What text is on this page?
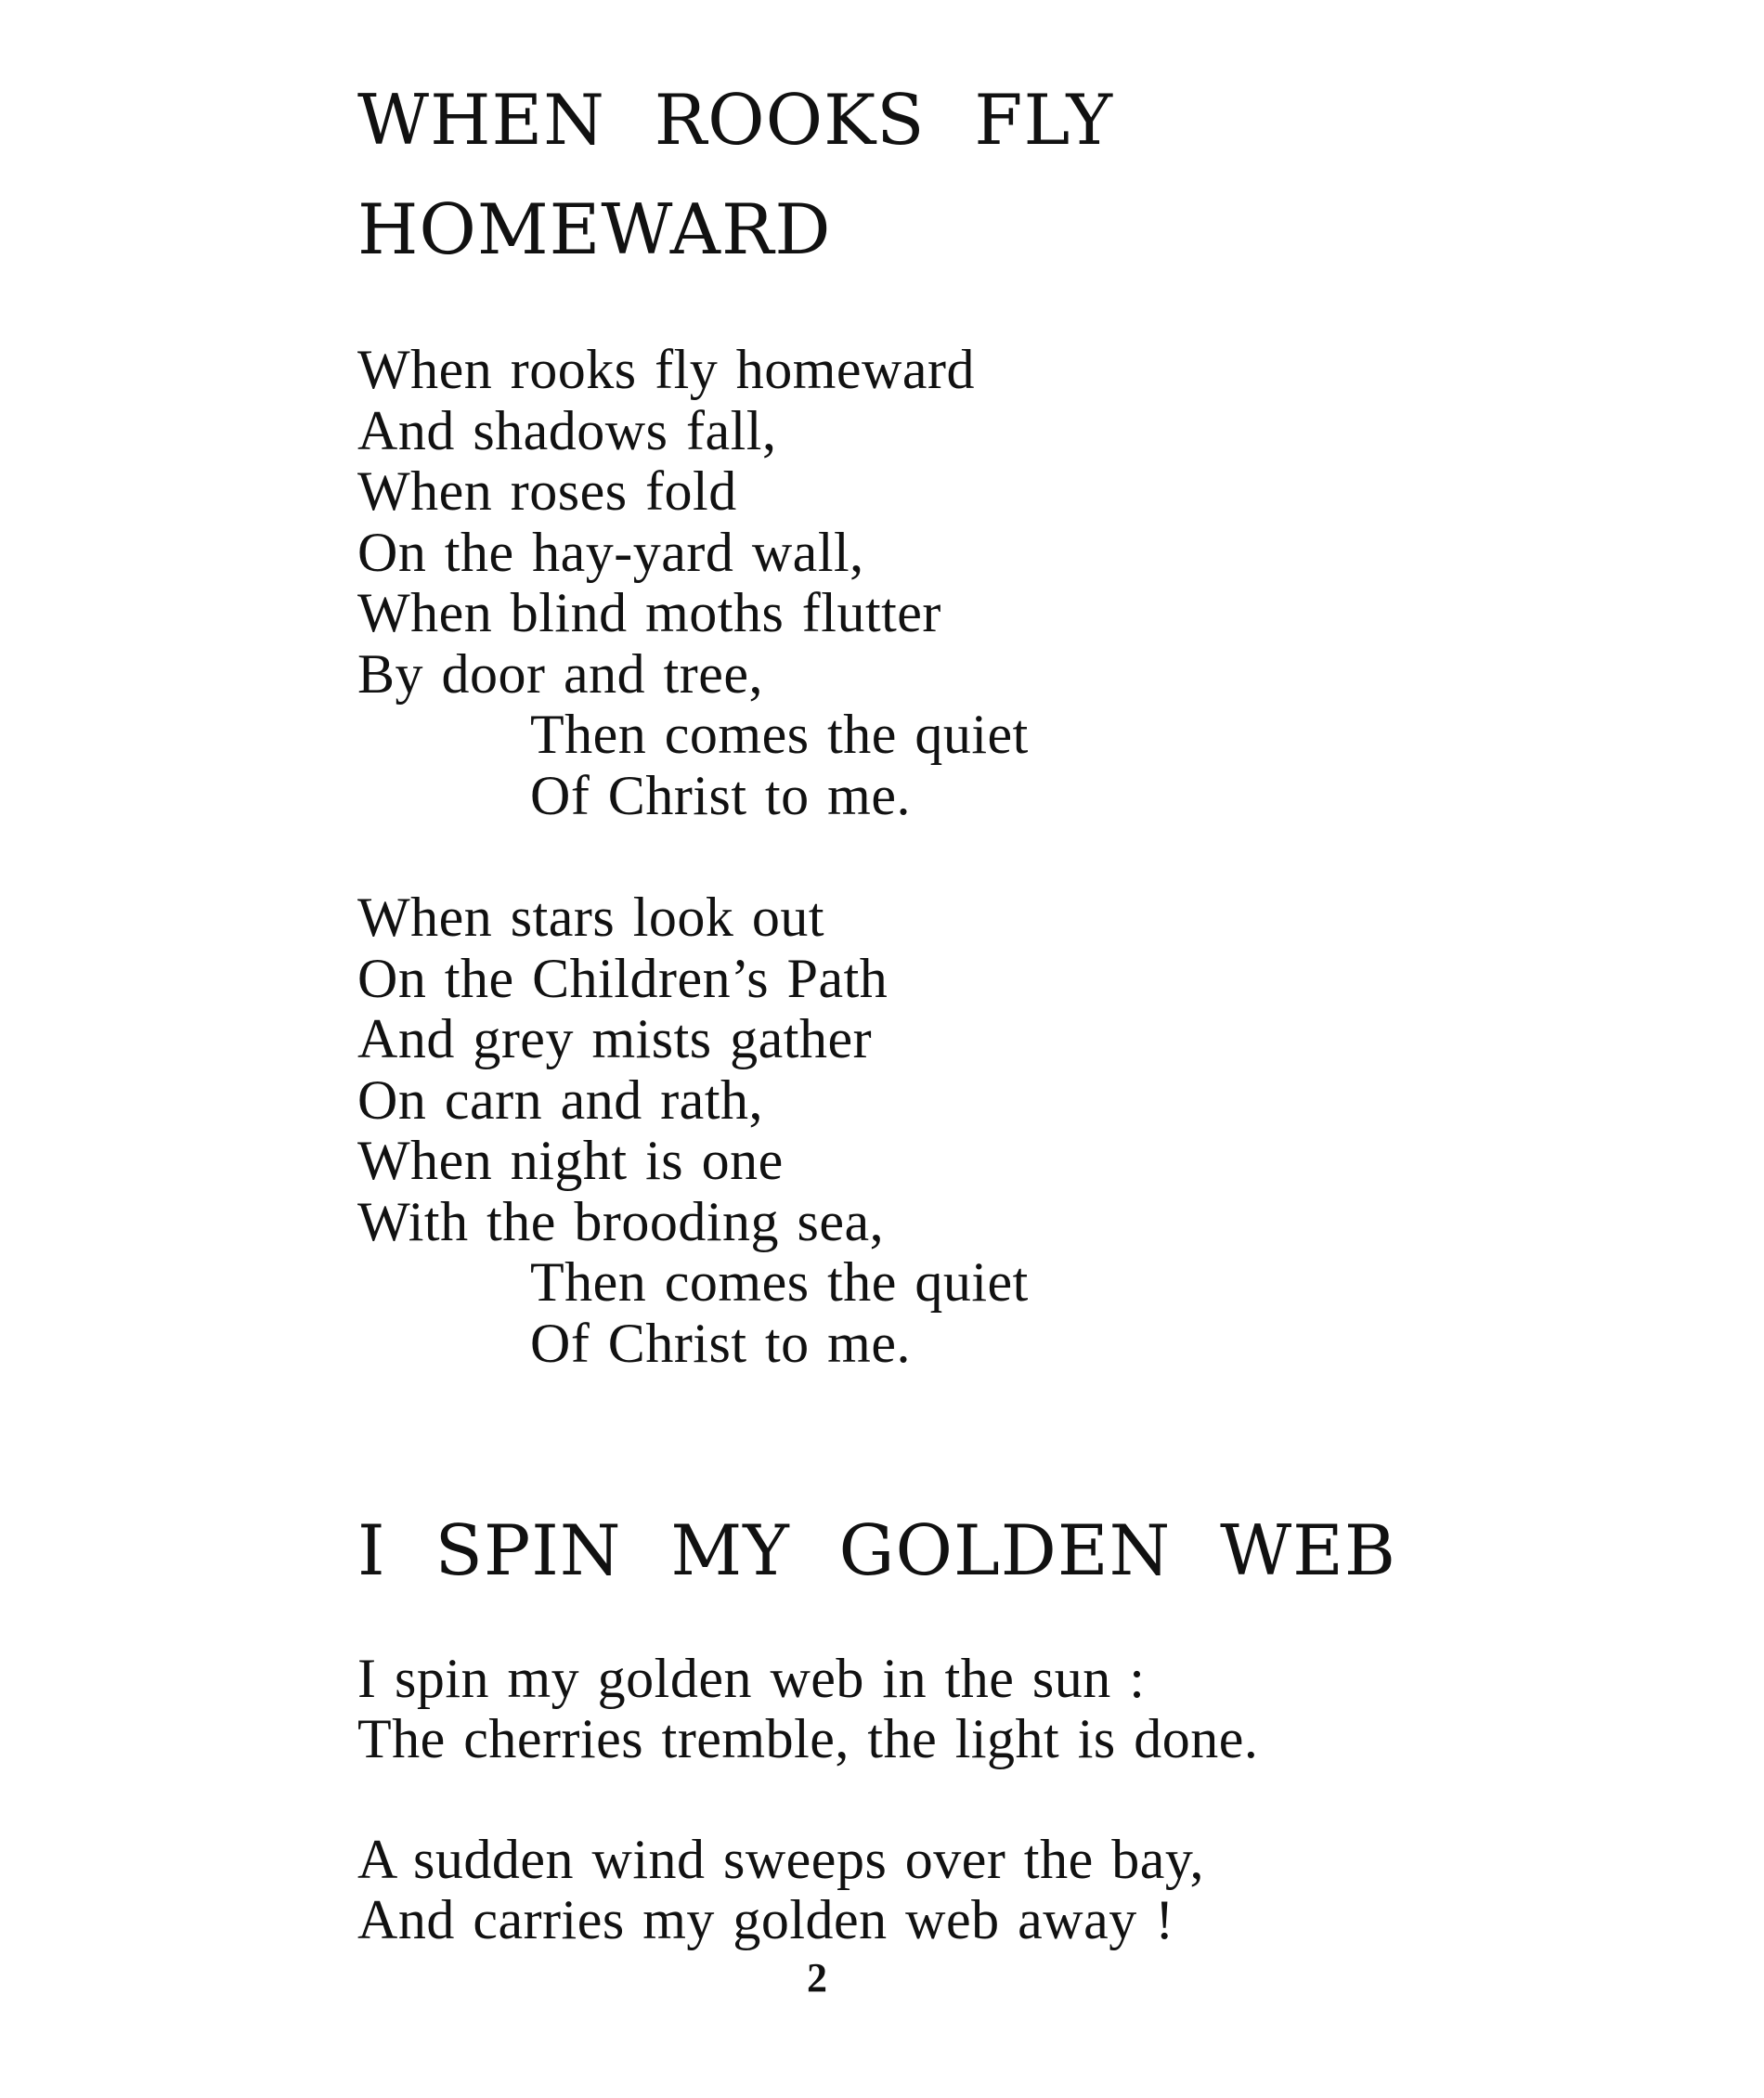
WHEN ROOKS FLY
HOMEWARD
When rooks fly homeward
And shadows fall,
When roses fold
On the hay-yard wall,
When blind moths flutter
By door and tree,
Then comes the quiet
Of Christ to me.
When stars look out
On the Children’s Path
And grey mists gather
On carn and rath,
When night is one
With the brooding sea,
Then comes the quiet
Of Christ to me.
I SPIN MY GOLDEN WEB
I spin my golden web in the sun :
The cherries tremble, the light is done.
A sudden wind sweeps over the bay,
And carries my golden web away !
2
